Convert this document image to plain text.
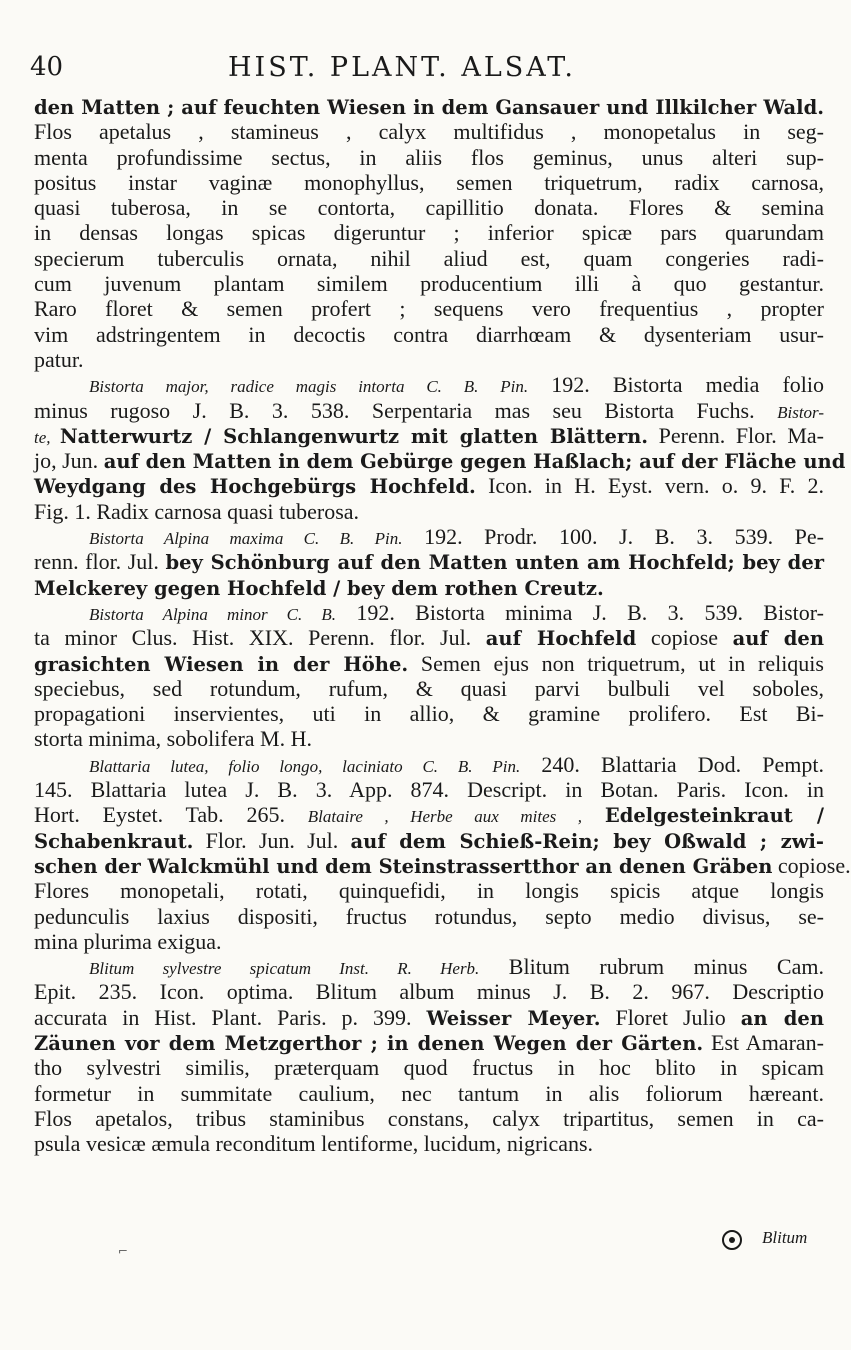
40	HIST. PLANT. ALSAT.
den Matten ; auf feuchten Wiesen in dem Gansauer und Illkilcher Wald.
Flos apetalus , stamineus , calyx multifidus , monopetalus in seg-
menta profundissime sectus, in aliis flos geminus, unus alteri sup-
positus instar vaginæ monophyllus, semen triquetrum, radix carnosa,
quasi tuberosa, in se contorta, capillitio donata. Flores & semina
in densas longas spicas digeruntur ; inferior spicæ pars quarundam
specierum tuberculis ornata, nihil aliud est, quam congeries radi-
cum juvenum plantam similem producentium illi à quo gestantur.
Raro floret & semen profert ; sequens vero frequentius , propter
vim adstringentem in decoctis contra diarrhœam & dysenteriam usur-
patur.
Bistorta major, radice magis intorta C. B. Pin. 192. Bistorta media folio
minus rugoso J. B. 3. 538. Serpentaria mas seu Bistorta Fuchs. Bistor-
te, Natterwurtz / Schlangenwurtz mit glatten Blättern. Perenn. Flor. Ma-
jo, Jun. auf den Matten in dem Gebürge gegen Haßlach; auf der Fläche und
Weydgang des Hochgebürgs Hochfeld. Icon. in H. Eyst. vern. o. 9. F. 2.
Fig. 1. Radix carnosa quasi tuberosa.
Bistorta Alpina maxima C. B. Pin. 192. Prodr. 100. J. B. 3. 539. Pe-
renn. flor. Jul. bey Schönburg auf den Matten unten am Hochfeld; bey der
Melckerey gegen Hochfeld / bey dem rothen Creutz.
Bistorta Alpina minor C. B. 192. Bistorta minima J. B. 3. 539. Bistor-
ta minor Clus. Hist. XIX. Perenn. flor. Jul. auf Hochfeld copiose auf den
grasichten Wiesen in der Höhe. Semen ejus non triquetrum, ut in reliquis
speciebus, sed rotundum, rufum, & quasi parvi bulbuli vel soboles,
propagationi inservientes, uti in allio, & gramine prolifero. Est Bi-
storta minima, sobolifera M. H.
Blattaria lutea, folio longo, laciniato C. B. Pin. 240. Blattaria Dod. Pempt.
145. Blattaria lutea J. B. 3. App. 874. Descript. in Botan. Paris. Icon. in
Hort. Eystet. Tab. 265. Blataire , Herbe aux mites , Edelgesteinkraut /
Schabenkraut. Flor. Jun. Jul. auf dem Schieß-Rein; bey Oßwald ; zwi-
schen der Walckmühl und dem Steinstrassertthor an denen Gräben copiose.
Flores monopetali, rotati, quinquefidi, in longis spicis atque longis
pedunculis laxius dispositi, fructus rotundus, septo medio divisus, se-
mina plurima exigua.
Blitum sylvestre spicatum Inst. R. Herb. Blitum rubrum minus Cam.
Epit. 235. Icon. optima. Blitum album minus J. B. 2. 967. Descriptio
accurata in Hist. Plant. Paris. p. 399. Weisser Meyer. Floret Julio an den
Zäunen vor dem Metzgerthor ; in denen Wegen der Gärten. Est Amaran-
tho sylvestri similis, præterquam quod fructus in hoc blito in spicam
formetur in summitate caulium, nec tantum in alis foliorum hæreant.
Flos apetalos, tribus staminibus constans, calyx tripartitus, semen in ca-
psula vesicæ æmula reconditum lentiforme, lucidum, nigricans.
Blitum
⌐
